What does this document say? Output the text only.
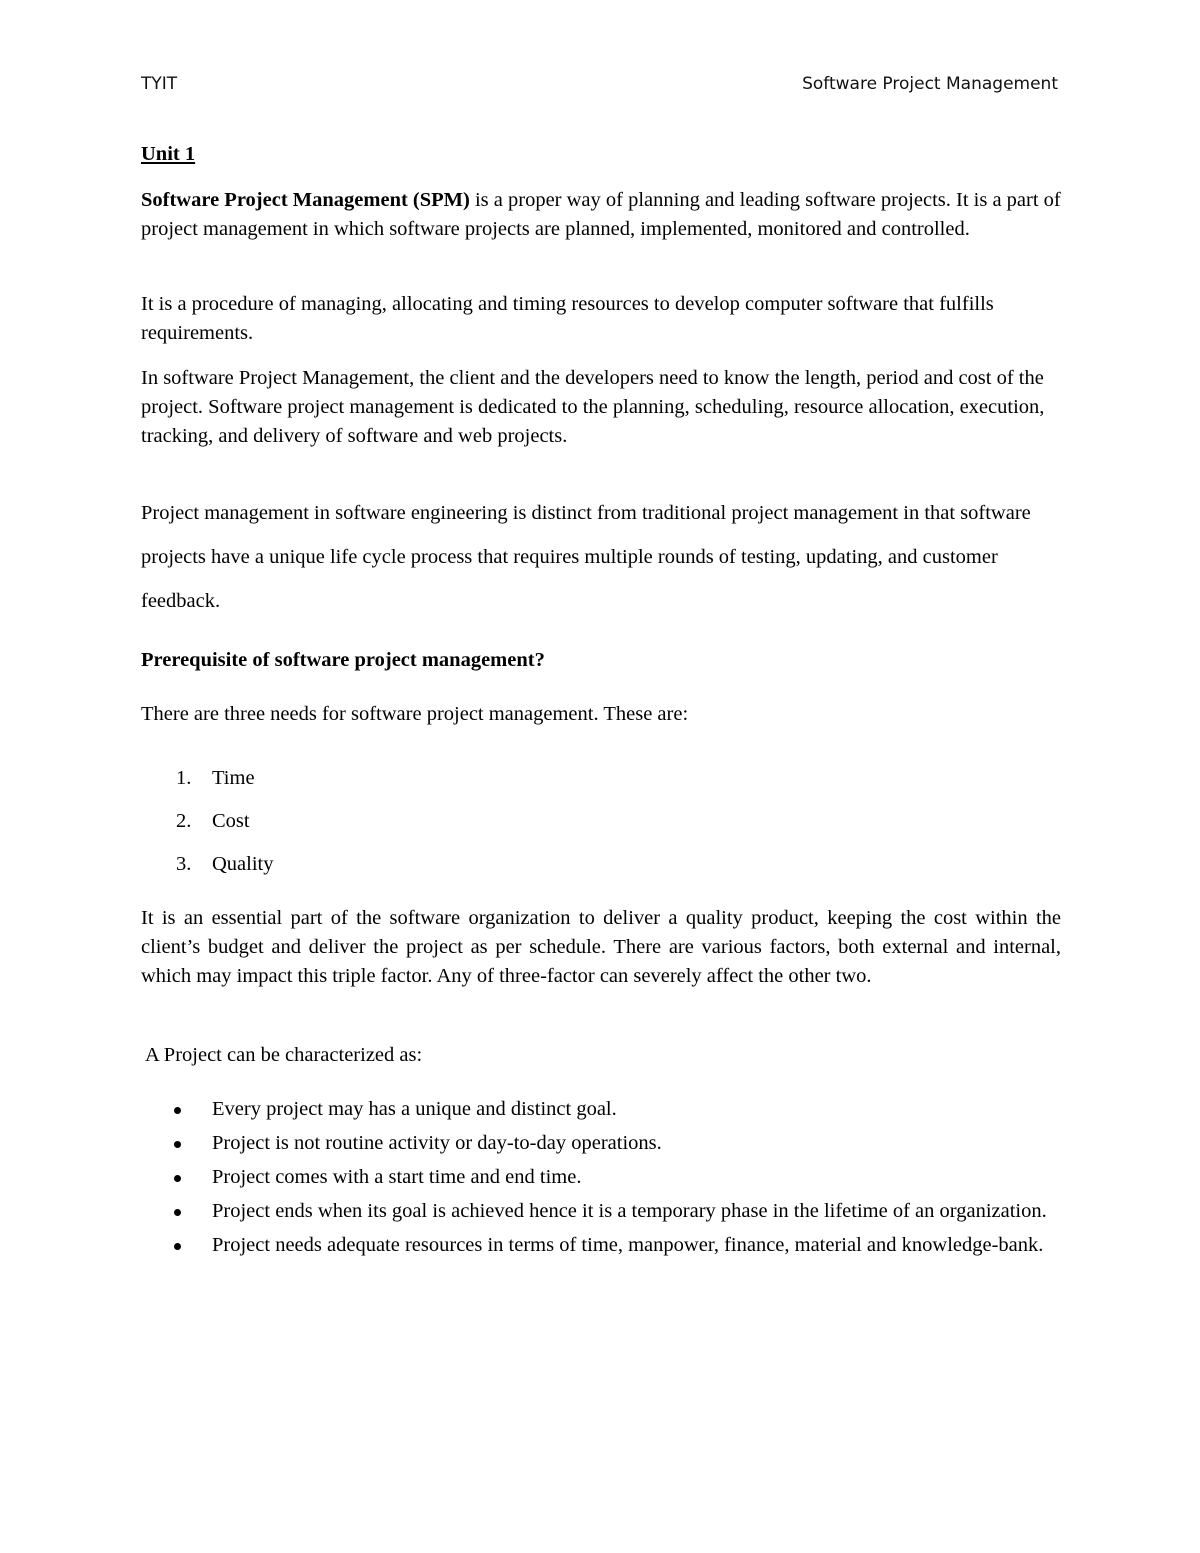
TYIT	Software Project Management
Unit 1

Software Project Management (SPM) is a proper way of planning and leading software projects. It is a part of project management in which software projects are planned, implemented, monitored and controlled.

It is a procedure of managing, allocating and timing resources to develop computer software that fulfills requirements.

In software Project Management, the client and the developers need to know the length, period and cost of the project. Software project management is dedicated to the planning, scheduling, resource allocation, execution, tracking, and delivery of software and web projects.

Project management in software engineering is distinct from traditional project management in that software projects have a unique life cycle process that requires multiple rounds of testing, updating, and customer feedback.

Prerequisite of software project management?
There are three needs for software project management. These are:
1. Time
2. Cost
3. Quality

It is an essential part of the software organization to deliver a quality product, keeping the cost within the client’s budget and deliver the project as per schedule. There are various factors, both external and internal, which may impact this triple factor. Any of three-factor can severely affect the other two.

A Project can be characterized as:
Every project may has a unique and distinct goal.
Project is not routine activity or day-to-day operations.
Project comes with a start time and end time.
Project ends when its goal is achieved hence it is a temporary phase in the lifetime of an organization.
Project needs adequate resources in terms of time, manpower, finance, material and knowledge-bank.
